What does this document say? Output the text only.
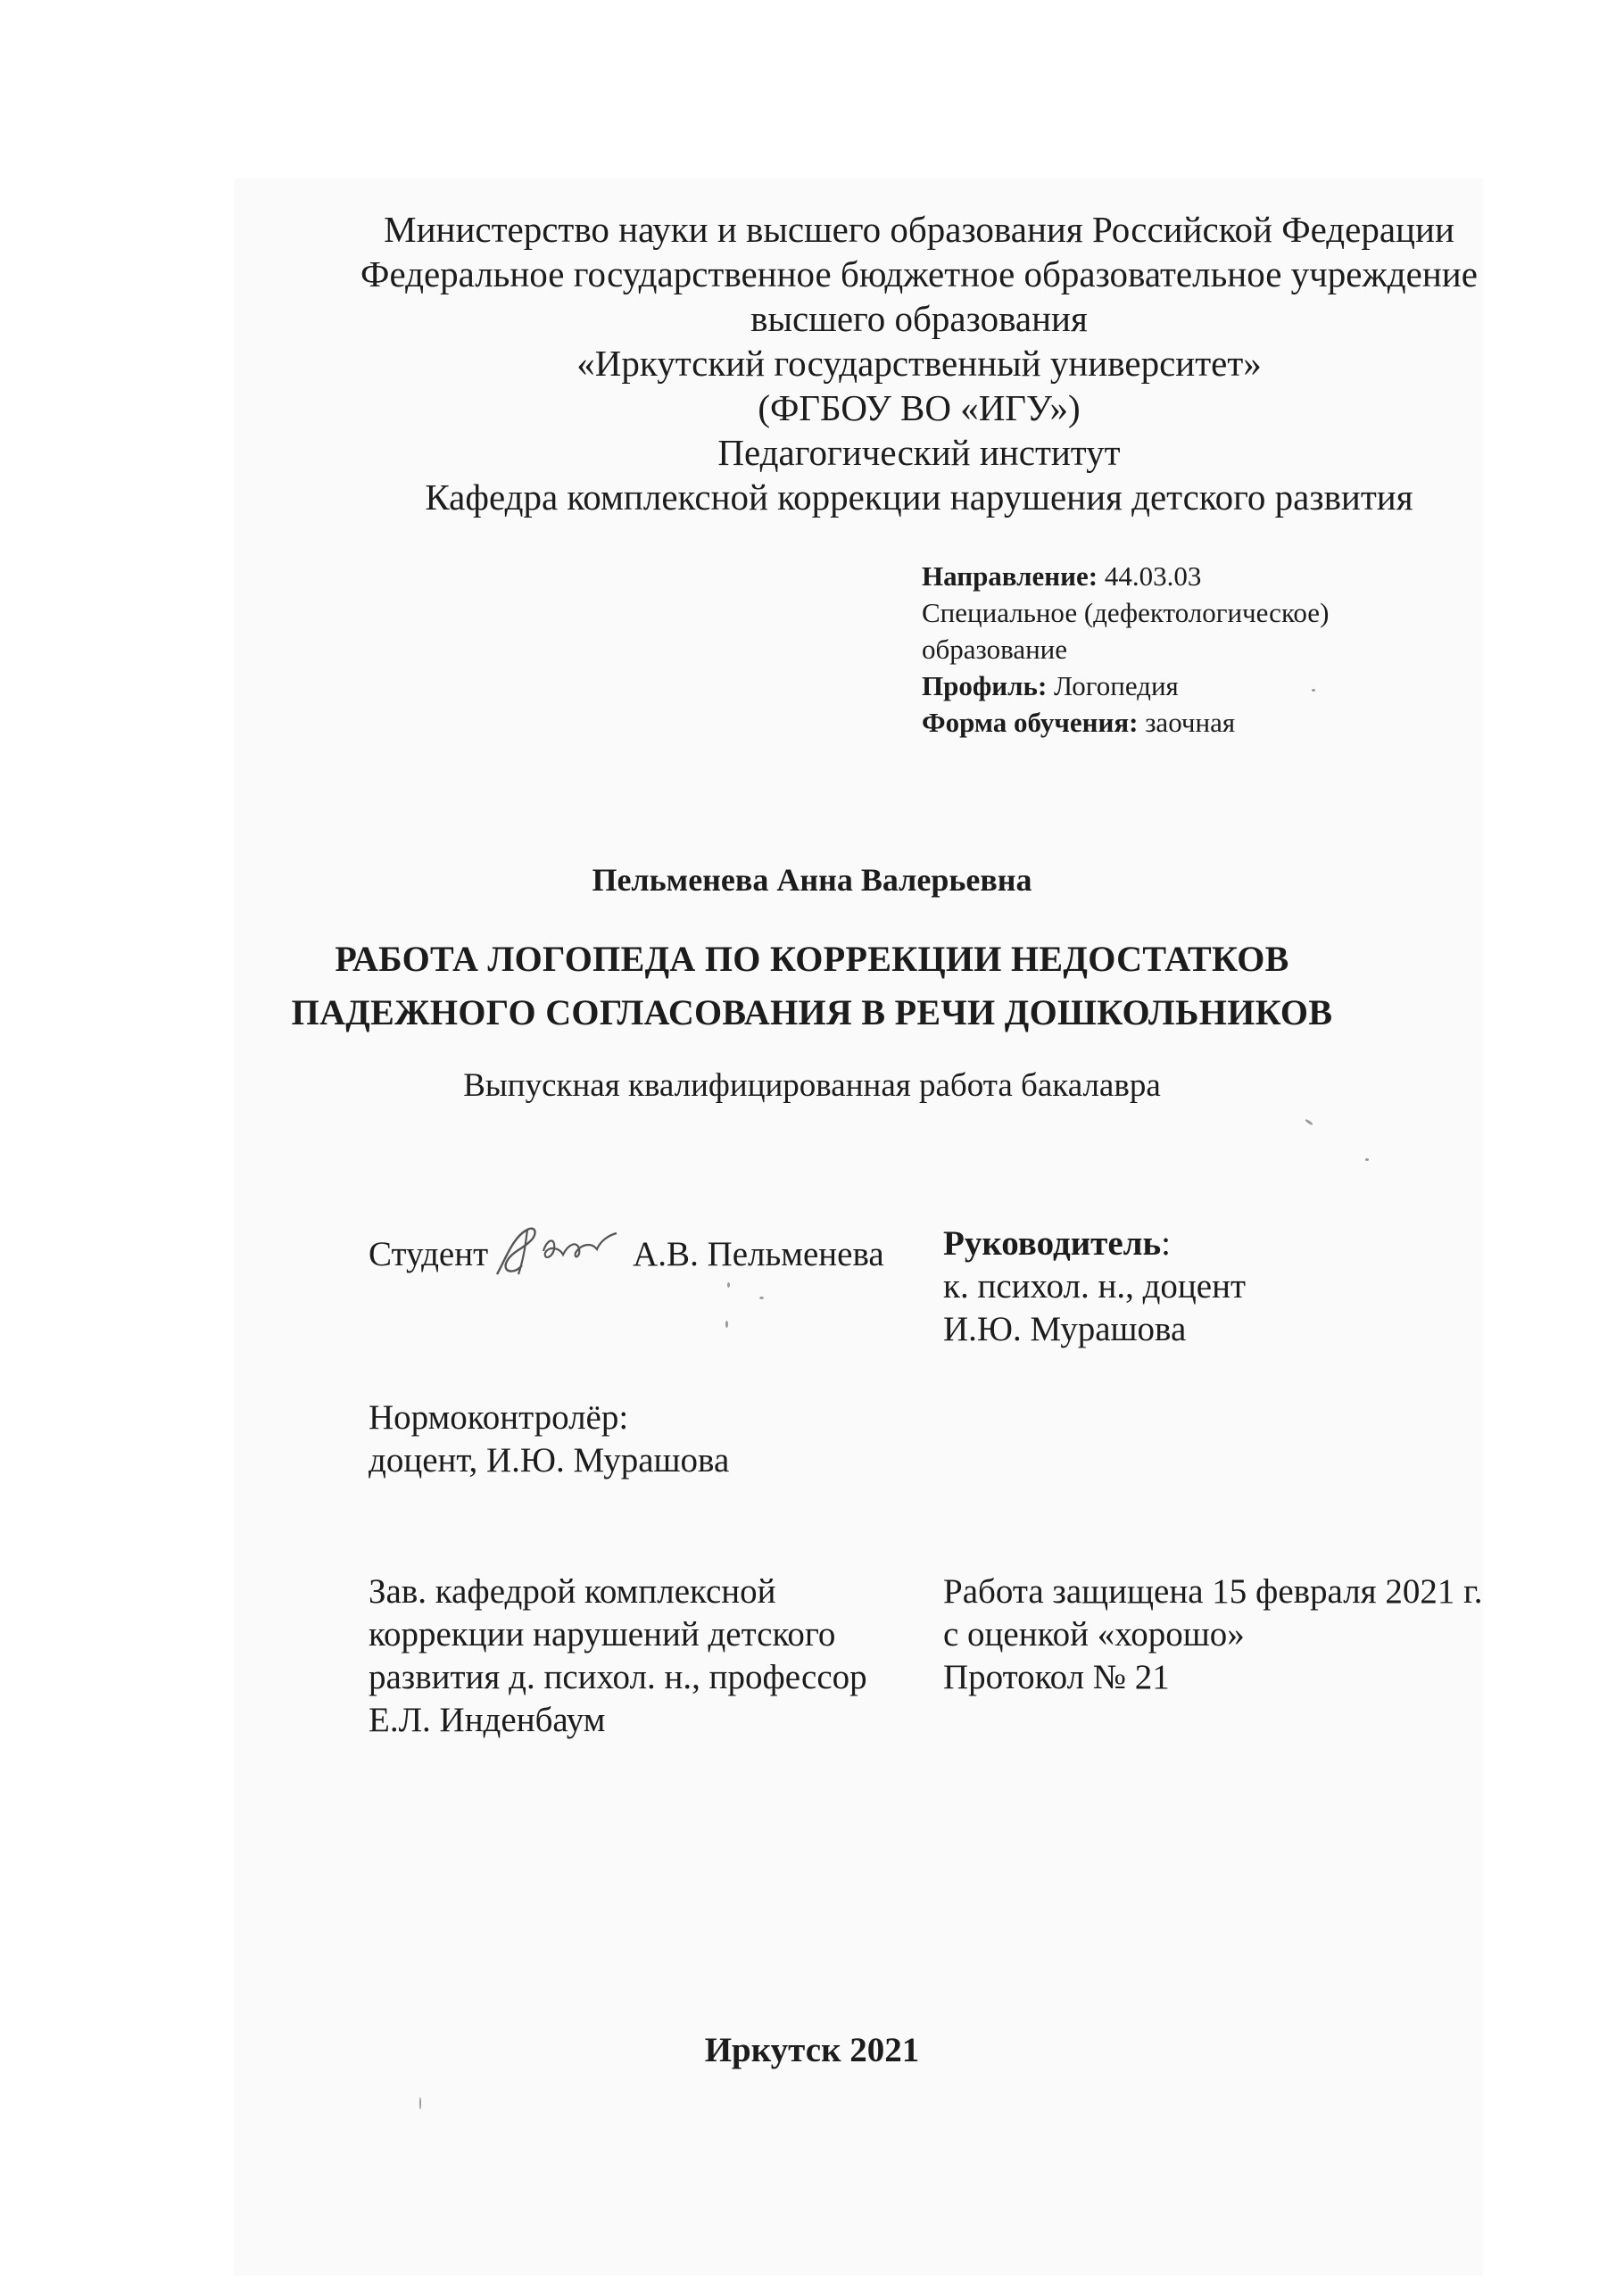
Министерство науки и высшего образования Российской Федерации
Федеральное государственное бюджетное образовательное учреждение
высшего образования
«Иркутский государственный университет»
(ФГБОУ ВО «ИГУ»)
Педагогический институт
Кафедра комплексной коррекции нарушения детского развития
Направление: 44.03.03
Специальное (дефектологическое)
образование
Профиль: Логопедия
Форма обучения: заочная
Пельменева Анна Валерьевна
РАБОТА ЛОГОПЕДА ПО КОРРЕКЦИИ НЕДОСТАТКОВ
ПАДЕЖНОГО СОГЛАСОВАНИЯ В РЕЧИ ДОШКОЛЬНИКОВ
Выпускная квалифицированная работа бакалавра
Студент	А.В. Пельменева Руководитель:
к. психол. н., доцент
И.Ю. Мурашова
Нормоконтролёр:
доцент, И.Ю. Мурашова
Зав. кафедрой комплексной
коррекции нарушений детского
развития д. психол. н., профессор
Е.Л. Инденбаум
Работа защищена 15 февраля 2021 г.
с оценкой «хорошо»
Протокол № 21
Иркутск 2021
